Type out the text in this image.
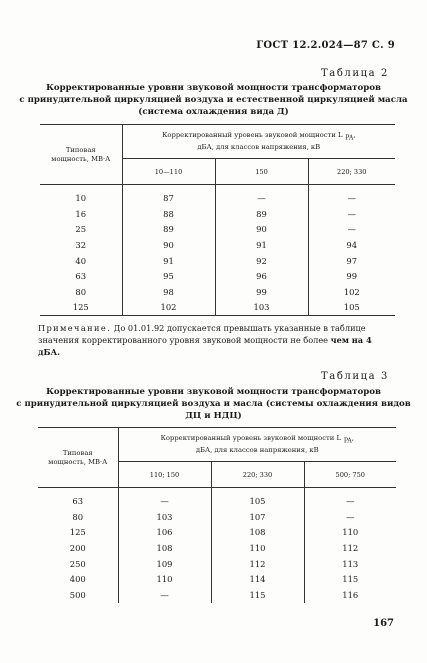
ГОСТ 12.2.024—87 С. 9
Таблица 2
Корректированные уровни звуковой мощности трансформаторов
с принудительной циркуляцией воздуха и естественной циркуляцией масла
(система охлаждения вида Д)
Типовая мощность, МВ·А	Корректированный уровень звуковой мощности L $_{PA}$,
дБА, для классов напряжения, кВ		

	10—110	150	220; 330

10	87	—	—
16	88	89	—
25	89	90	—
32	90	91	94
40	91	92	97
63	95	96	99
80	98	99	102
125	102	103	105
Примечание. До 01.01.92 допускается превышать указанные в таблице значения корректированного уровня звуковой мощности не более чем на 4 дБА.
Таблица 3
Корректированные уровни звуковой мощности трансформаторов
с принудительной циркуляцией воздуха и масла (системы охлаждения видов
ДЦ и НДЦ)
Типовая мощность, МВ·А	Корректированный уровень звуковой мощности L $_{PA}$,
дБА, для классов напряжения, кВ		

	110; 150	220; 330	500; 750

63	—	105	—
80	103	107	—
125	106	108	110
200	108	110	112
250	109	112	113
400	110	114	115
500	—	115	116
167
